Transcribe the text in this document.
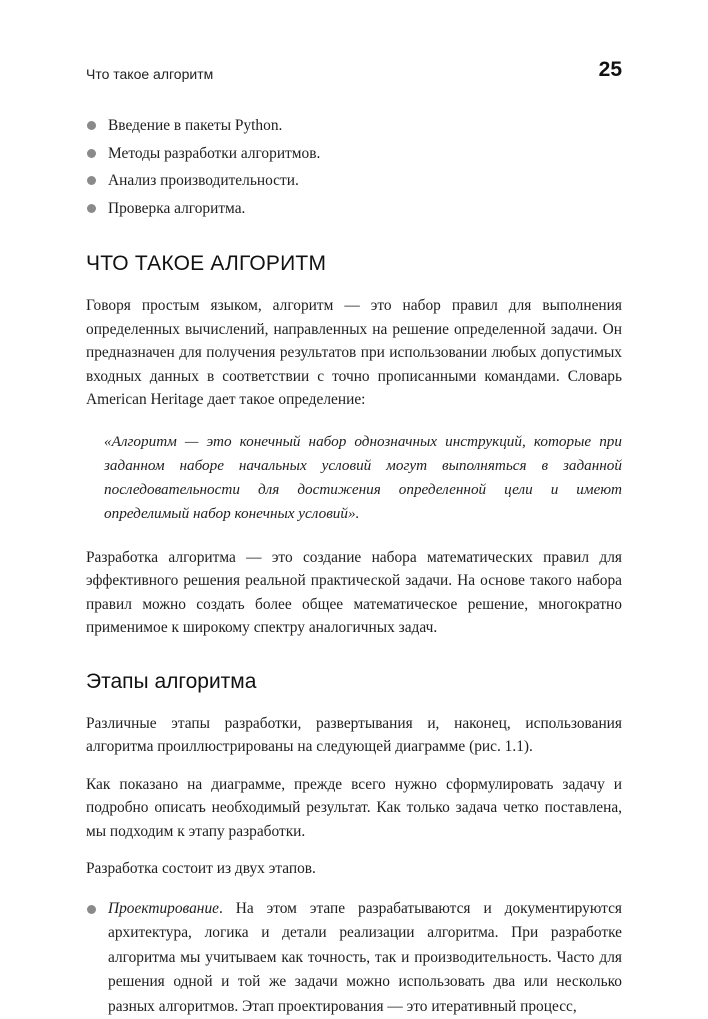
Что такое алгоритм	25
Введение в пакеты Python.
Методы разработки алгоритмов.
Анализ производительности.
Проверка алгоритма.
ЧТО ТАКОЕ АЛГОРИТМ

Говоря простым языком, алгоритм — это набор правил для выполнения определенных вычислений, направленных на решение определенной задачи. Он предназначен для получения результатов при использовании любых допустимых входных данных в соответствии с точно прописанными командами. Словарь American Heritage дает такое определение:

«Алгоритм — это конечный набор однозначных инструкций, которые при заданном наборе начальных условий могут выполняться в заданной последовательности для достижения определенной цели и имеют определимый набор конечных условий».

Разработка алгоритма — это создание набора математических правил для эффективного решения реальной практической задачи. На основе такого набора правил можно создать более общее математическое решение, многократно применимое к широкому спектру аналогичных задач.

Этапы алгоритма

Различные этапы разработки, развертывания и, наконец, использования алгоритма проиллюстрированы на следующей диаграмме (рис. 1.1).

Как показано на диаграмме, прежде всего нужно сформулировать задачу и подробно описать необходимый результат. Как только задача четко поставлена, мы подходим к этапу разработки.

Разработка состоит из двух этапов.

Проектирование. На этом этапе разрабатываются и документируются архитектура, логика и детали реализации алгоритма. При разработке алгоритма мы учитываем как точность, так и производительность. Часто для решения одной и той же задачи можно использовать два или несколько разных алгоритмов. Этап проектирования — это итеративный процесс,
